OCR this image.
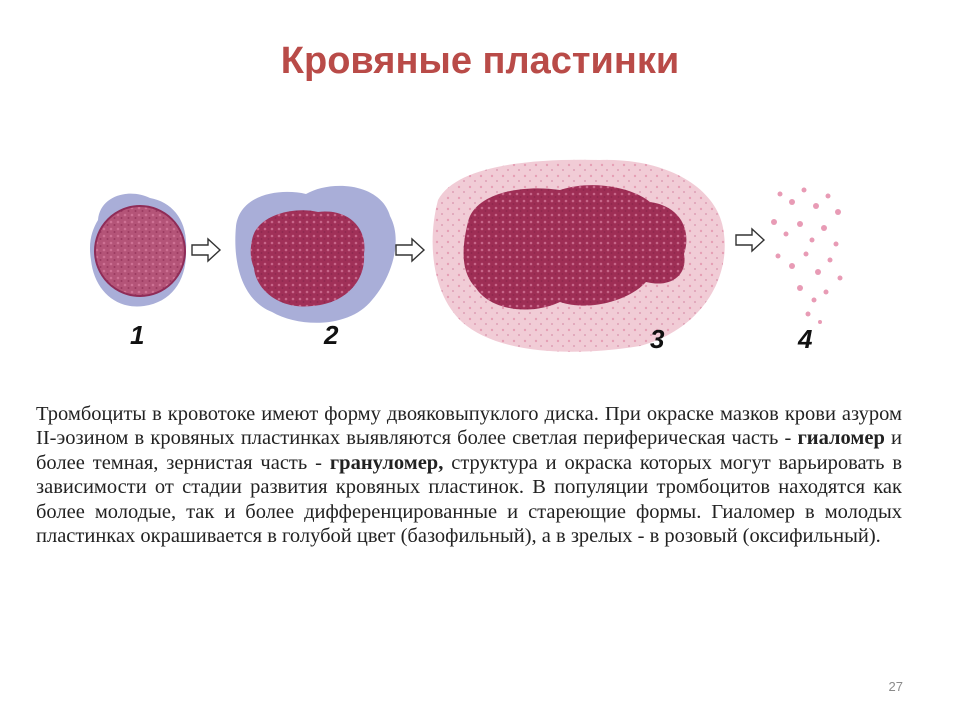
Кровяные пластинки
1	2	3	4

Тромбоциты в кровотоке имеют форму двояковыпуклого диска. При окраске мазков крови азуром II-эозином в кровяных пластинках выявляются более светлая периферическая часть - гиаломер и более темная, зернистая часть - грануломер, структура и окраска которых могут варьировать в зависимости от стадии развития кровяных пластинок. В популяции тромбоцитов находятся как более молодые, так и более дифференцированные и стареющие формы. Гиаломер в молодых пластинках окрашивается в голубой цвет (базофильный), а в зрелых - в розовый (оксифильный).

27
